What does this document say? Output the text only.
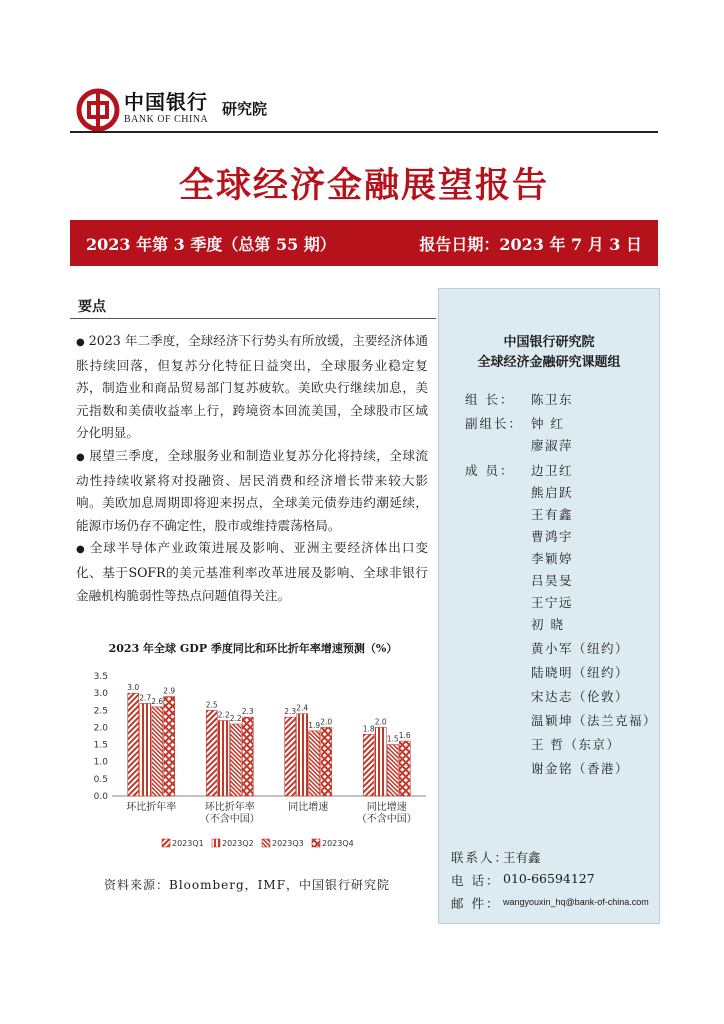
中国银行
BANK OF CHINA
研究院
全球经济金融展望报告
2023 年第 3 季度（总第 55 期）	报告日期：2023 年 7 月 3 日
要点
● 2023 年二季度，全球经济下行势头有所放缓，主要经济体通胀持续回落，但复苏分化特征日益突出，全球服务业稳定复苏，制造业和商品贸易部门复苏疲软。美欧央行继续加息，美元指数和美债收益率上行，跨境资本回流美国，全球股市区域分化明显。
● 展望三季度，全球服务业和制造业复苏分化将持续，全球流动性持续收紧将对投融资、居民消费和经济增长带来较大影响。美欧加息周期即将迎来拐点，全球美元债券违约潮延续，能源市场仍存不确定性，股市或维持震荡格局。
● 全球半导体产业政策进展及影响、亚洲主要经济体出口变化、基于SOFR的美元基准利率改革进展及影响、全球非银行金融机构脆弱性等热点问题值得关注。
2023 年全球 GDP 季度同比和环比折年率增速预测（%）
0.0
0.5
1.0
1.5
2.0
2.5
3.0
3.5
环比折年率	环比折年率
（不含中国）
同比增速	同比增速
（不含中国）
3.0
2.7 2.6
2.9
2.5
2.2 2.2
2.3	2.3 2.4
1.9 2.0
1.8
2.0
1.5 1.6
2023Q1 2023Q2 2023Q3 2023Q4
资料来源：Bloomberg，IMF，中国银行研究院
中国银行研究院
全球经济金融研究课题组
组 长： 陈卫东
副组长： 钟 红
廖淑萍
成 员： 边卫红
熊启跃
王有鑫
曹鸿宇
李颖婷
吕昊旻
王宁远
初 晓
黄小军（纽约）
陆晓明（纽约）
宋达志（伦敦）
温颖坤（法兰克福）
王 哲（东京）
谢金铭（香港）
联系人：
王有鑫
电 话： 010-66594127
邮 件： wangyouxin_hq@bank-of-china.com
